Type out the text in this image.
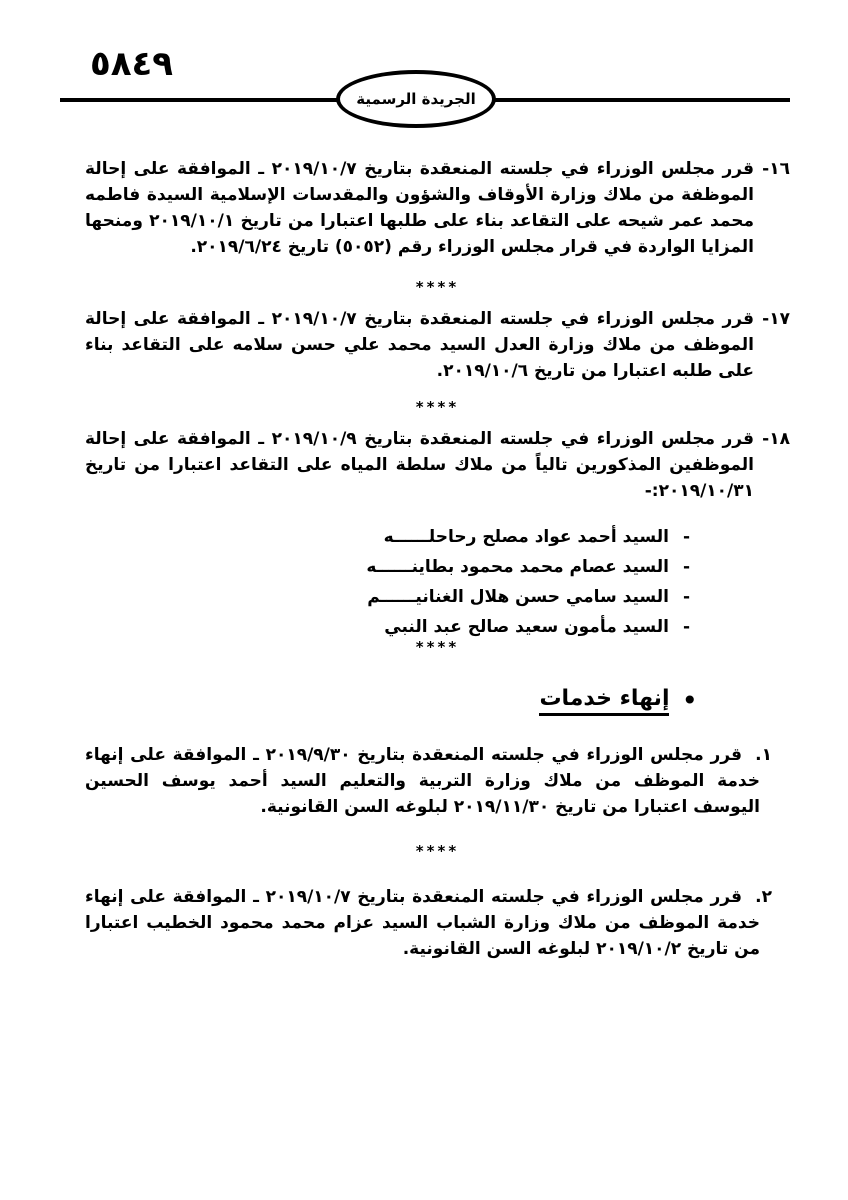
٥٨٤٩
الجريدة الرسمية
١٦-
قرر مجلس الوزراء في جلسته المنعقدة بتاريخ ٢٠١٩/١٠/٧ ـ الموافقة على إحالة الموظفة من ملاك وزارة الأوقاف والشؤون والمقدسات الإسلامية السيدة فاطمه محمد عمر شيحه على التقاعد بناء على طلبها اعتبارا من تاريخ ٢٠١٩/١٠/١ ومنحها المزايا الواردة في قرار مجلس الوزراء رقم (٥٠٥٢) تاريخ ٢٠١٩/٦/٢٤.
****
١٧-
قرر مجلس الوزراء في جلسته المنعقدة بتاريخ ٢٠١٩/١٠/٧ ـ الموافقة على إحالة الموظف من ملاك وزارة العدل السيد محمد علي حسن سلامه على التقاعد بناء على طلبه اعتبارا من تاريخ ٢٠١٩/١٠/٦.
****
١٨-
قرر مجلس الوزراء في جلسته المنعقدة بتاريخ ٢٠١٩/١٠/٩ ـ الموافقة على إحالة الموظفين المذكورين تالياً من ملاك سلطة المياه على التقاعد اعتبارا من تاريخ ٢٠١٩/١٠/٣١:-
-
السيد أحمد عواد مصلح رحاحلــــــه
-
السيد عصام محمد محمود بطاينــــــه
-
السيد سامي حسن هلال الغنانيــــــم
-
السيد مأمون سعيد صالح عبد النبي
****
•
إنهاء خدمات
١.
قرر مجلس الوزراء في جلسته المنعقدة بتاريخ ٢٠١٩/٩/٣٠ ـ الموافقة على إنهاء خدمة الموظف من ملاك وزارة التربية والتعليم السيد أحمد يوسف الحسين اليوسف اعتبارا من تاريخ ٢٠١٩/١١/٣٠ لبلوغه السن القانونية.
****
٢.
قرر مجلس الوزراء في جلسته المنعقدة بتاريخ ٢٠١٩/١٠/٧ ـ الموافقة على إنهاء خدمة الموظف من ملاك وزارة الشباب السيد عزام محمد محمود الخطيب اعتبارا من تاريخ ٢٠١٩/١٠/٢ لبلوغه السن القانونية.
